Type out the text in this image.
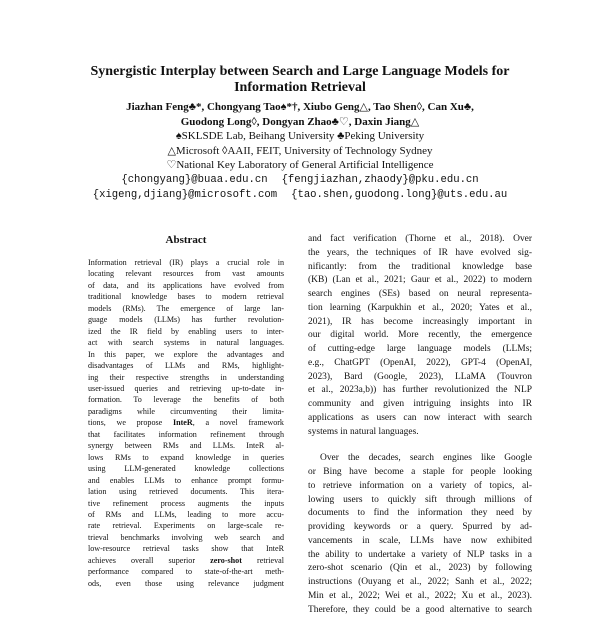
Synergistic Interplay between Search and Large Language Models for
Information Retrieval
Jiazhan Feng♣*, Chongyang Tao♠*†, Xiubo Geng△, Tao Shen◊, Can Xu♣,
Guodong Long◊, Dongyan Zhao♣♡, Daxin Jiang△
♠SKLSDE Lab, Beihang University ♣Peking University
△Microsoft ◊AAII, FEIT, University of Technology Sydney
♡National Key Laboratory of General Artificial Intelligence
{chongyang}@buaa.edu.cn {fengjiazhan,zhaody}@pku.edu.cn
{xigeng,djiang}@microsoft.com {tao.shen,guodong.long}@uts.edu.au
Abstract
Information retrieval (IR) plays a crucial role in
locating relevant resources from vast amounts
of data, and its applications have evolved from
traditional knowledge bases to modern retrieval
models (RMs). The emergence of large lan-
guage models (LLMs) has further revolution-
ized the IR field by enabling users to inter-
act with search systems in natural languages.
In this paper, we explore the advantages and
disadvantages of LLMs and RMs, highlight-
ing their respective strengths in understanding
user-issued queries and retrieving up-to-date in-
formation. To leverage the benefits of both
paradigms while circumventing their limita-
tions, we propose InteR, a novel framework
that facilitates information refinement through
synergy between RMs and LLMs. InteR al-
lows RMs to expand knowledge in queries
using LLM-generated knowledge collections
and enables LLMs to enhance prompt formu-
lation using retrieved documents. This itera-
tive refinement process augments the inputs
of RMs and LLMs, leading to more accu-
rate retrieval. Experiments on large-scale re-
trieval benchmarks involving web search and
low-resource retrieval tasks show that InteR
achieves overall superior zero-shot retrieval
performance compared to state-of-the-art meth-
ods, even those using relevance judgment
and fact verification (Thorne et al., 2018). Over
the years, the techniques of IR have evolved sig-
nificantly: from the traditional knowledge base
(KB) (Lan et al., 2021; Gaur et al., 2022) to modern
search engines (SEs) based on neural representa-
tion learning (Karpukhin et al., 2020; Yates et al.,
2021), IR has become increasingly important in
our digital world. More recently, the emergence
of cutting-edge large language models (LLMs;
e.g., ChatGPT (OpenAI, 2022), GPT-4 (OpenAI,
2023), Bard (Google, 2023), LLaMA (Touvron
et al., 2023a,b)) has further revolutionized the NLP
community and given intriguing insights into IR
applications as users can now interact with search
systems in natural languages.
Over the decades, search engines like Google
or Bing have become a staple for people looking
to retrieve information on a variety of topics, al-
lowing users to quickly sift through millions of
documents to find the information they need by
providing keywords or a query. Spurred by ad-
vancements in scale, LLMs have now exhibited
the ability to undertake a variety of NLP tasks in a
zero-shot scenario (Qin et al., 2023) by following
instructions (Ouyang et al., 2022; Sanh et al., 2022;
Min et al., 2022; Wei et al., 2022; Xu et al., 2023).
Therefore, they could be a good alternative to search
